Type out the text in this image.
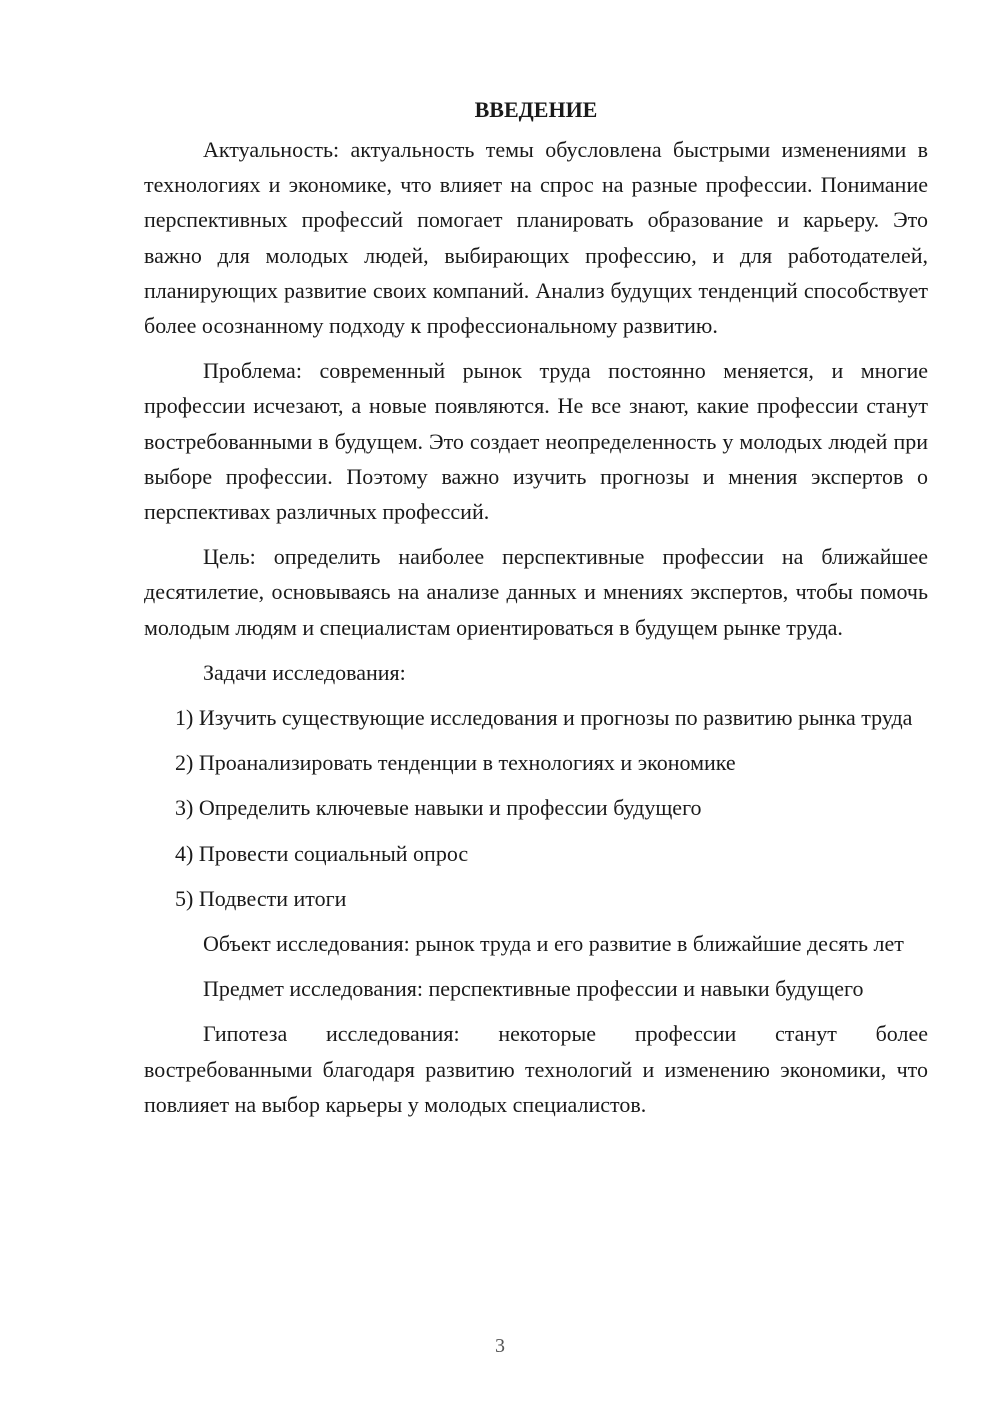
ВВЕДЕНИЕ

Актуальность: актуальность темы обусловлена быстрыми изменениями в технологиях и экономике, что влияет на спрос на разные профессии. Понимание перспективных профессий помогает планировать образование и карьеру. Это важно для молодых людей, выбирающих профессию, и для работодателей, планирующих развитие своих компаний. Анализ будущих тенденций способствует более осознанному подходу к профессиональному развитию.

Проблема: современный рынок труда постоянно меняется, и многие профессии исчезают, а новые появляются. Не все знают, какие профессии станут востребованными в будущем. Это создает неопределенность у молодых людей при выборе профессии. Поэтому важно изучить прогнозы и мнения экспертов о перспективах различных профессий.

Цель: определить наиболее перспективные профессии на ближайшее десятилетие, основываясь на анализе данных и мнениях экспертов, чтобы помочь молодым людям и специалистам ориентироваться в будущем рынке труда.

Задачи исследования:

1) Изучить существующие исследования и прогнозы по развитию рынка труда

2) Проанализировать тенденции в технологиях и экономике

3) Определить ключевые навыки и профессии будущего

4) Провести социальный опрос

5) Подвести итоги

Объект исследования: рынок труда и его развитие в ближайшие десять лет

Предмет исследования: перспективные профессии и навыки будущего

Гипотеза исследования: некоторые профессии станут более востребованными благодаря развитию технологий и изменению экономики, что повлияет на выбор карьеры у молодых специалистов.

3
